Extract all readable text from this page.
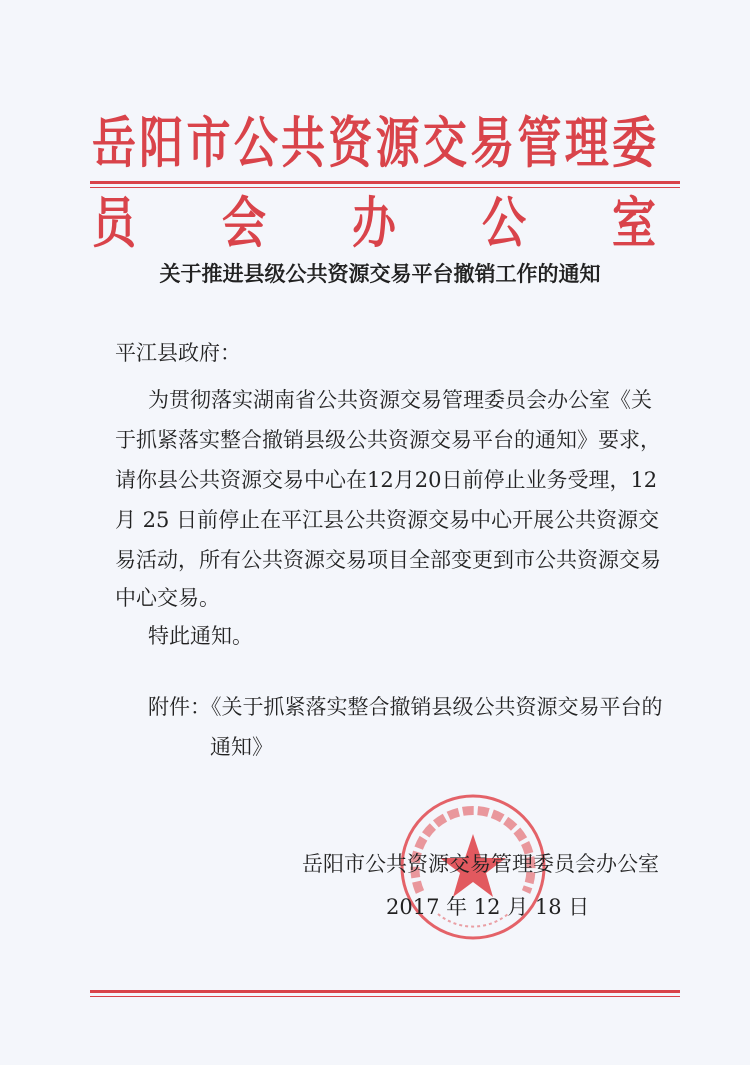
岳阳市公共资源交易管理委员会办公室
关于推进县级公共资源交易平台撤销工作的通知
平江县政府：
为贯彻落实湖南省公共资源交易管理委员会办公室《关
于抓紧落实整合撤销县级公共资源交易平台的通知》要求，
请你县公共资源交易中心在12月20日前停止业务受理，12
月 25 日前停止在平江县公共资源交易中心开展公共资源交
易活动，所有公共资源交易项目全部变更到市公共资源交易
中心交易。
特此通知。
附件：《关于抓紧落实整合撤销县级公共资源交易平台的
通知》
岳阳市公共资源交易管理委员会办公室
2017 年 12 月 18 日
